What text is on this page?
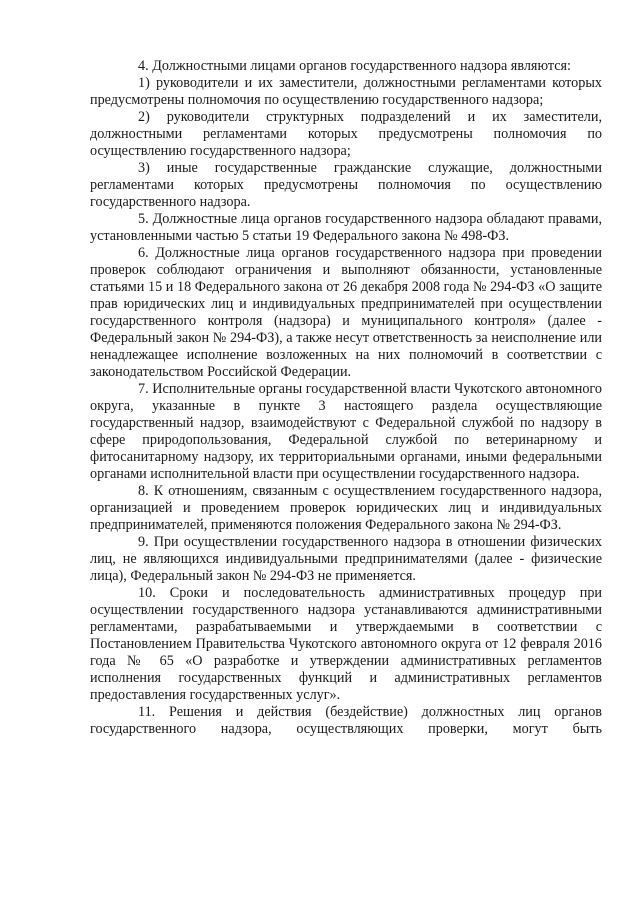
4. Должностными лицами органов государственного надзора являются:

1) руководители и их заместители, должностными регламентами которых предусмотрены полномочия по осуществлению государственного надзора;

2) руководители структурных подразделений и их заместители, должностными регламентами которых предусмотрены полномочия по осуществлению государственного надзора;

3) иные государственные гражданские служащие, должностными регламентами которых предусмотрены полномочия по осуществлению государственного надзора.

5. Должностные лица органов государственного надзора обладают правами, установленными частью 5 статьи 19 Федерального закона № 498-ФЗ.

6. Должностные лица органов государственного надзора при проведении проверок соблюдают ограничения и выполняют обязанности, установленные статьями 15 и 18 Федерального закона от 26 декабря 2008 года № 294-ФЗ «О защите прав юридических лиц и индивидуальных предпринимателей при осуществлении государственного контроля (надзора) и муниципального контроля» (далее - Федеральный закон № 294-ФЗ), а также несут ответственность за неисполнение или ненадлежащее исполнение возложенных на них полномочий в соответствии с законодательством Российской Федерации.

7. Исполнительные органы государственной власти Чукотского автономного округа, указанные в пункте 3 настоящего раздела осуществляющие государственный надзор, взаимодействуют с Федеральной службой по надзору в сфере природопользования, Федеральной службой по ветеринарному и фитосанитарному надзору, их территориальными органами, иными федеральными органами исполнительной власти при осуществлении государственного надзора.

8. К отношениям, связанным с осуществлением государственного надзора, организацией и проведением проверок юридических лиц и индивидуальных предпринимателей, применяются положения Федерального закона № 294-ФЗ.

9. При осуществлении государственного надзора в отношении физических лиц, не являющихся индивидуальными предпринимателями (далее - физические лица), Федеральный закон № 294-ФЗ не применяется.

10. Сроки и последовательность административных процедур при осуществлении государственного надзора устанавливаются административными регламентами, разрабатываемыми и утверждаемыми в соответствии с Постановлением Правительства Чукотского автономного округа от 12 февраля 2016 года № 65 «О разработке и утверждении административных регламентов исполнения государственных функций и административных регламентов предоставления государственных услуг».

11. Решения и действия (бездействие) должностных лиц органов государственного надзора, осуществляющих проверки, могут быть
